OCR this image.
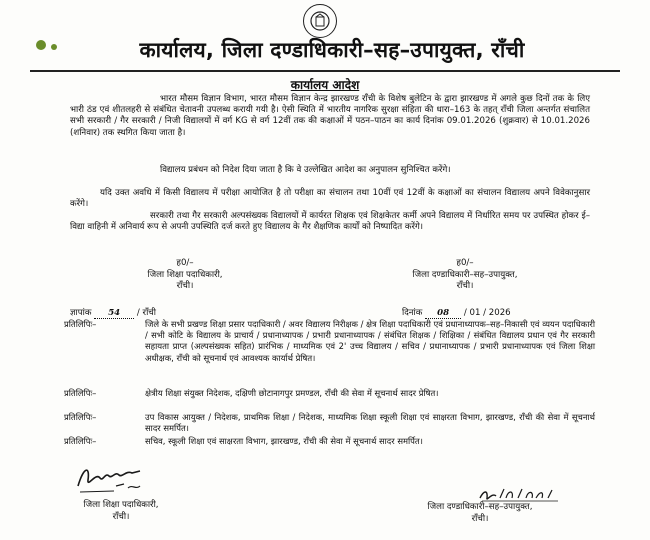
कार्यालय, जिला दण्डाधिकारी–सह–उपायुक्त, राँची
कार्यालय आदेश
भारत मौसम विज्ञान विभाग, भारत मौसम विज्ञान केन्द्र झारखण्ड राँची के विशेष बुलेटिन के द्वारा झारखण्ड में अगले कुछ दिनों तक के लिए भारी ठंड एवं शीतलहरी से संबंधित चेतावनी उपलब्ध करायी गयी है। ऐसी स्थिति में भारतीय नागरिक सुरक्षा संहिता की धारा–163 के तहत् राँची जिला अन्तर्गत संचालित सभी सरकारी / गैर सरकारी / निजी विद्यालयों में वर्ग KG से वर्ग 12वीं तक की कक्षाओं में पठन–पाठन का कार्य दिनांक 09.01.2026 (शुक्रवार) से 10.01.2026 (शनिवार) तक स्थगित किया जाता है।
विद्यालय प्रबंधन को निदेश दिया जाता है कि वे उल्लेखित आदेश का अनुपालन सुनिश्चित करेंगे।
यदि उक्त अवधि में किसी विद्यालय में परीक्षा आयोजित है तो परीक्षा का संचालन तथा 10वीं एवं 12वीं के कक्षाओं का संचालन विद्यालय अपने विवेकानुसार करेंगे।
सरकारी तथा गैर सरकारी अल्पसंख्यक विद्यालयों में कार्यरत शिक्षक एवं शिक्षकेतर कर्मी अपने विद्यालय में निर्धारित समय पर उपस्थित होकर ई–विद्या वाहिनी में अनिवार्य रूप से अपनी उपस्थिति दर्ज करते हुए विद्यालय के गैर शैक्षणिक कार्यों को निष्पादित करेंगे।
ह0/–
जिला शिक्षा पदाधिकारी,
राँची।
ह0/–
जिला दण्डाधिकारी–सह–उपायुक्त,
राँची।
ज्ञापांक 54 / राँची	दिनांक 08 / 01 / 2026
प्रतिलिपिः–	जिले के सभी प्रखण्ड शिक्षा प्रसार पदाधिकारी / अवर विद्यालय निरीक्षक / क्षेत्र शिक्षा पदाधिकारी एवं प्रधानाध्यापक–सह–निकासी एवं व्ययन पदाधिकारी / सभी कोटि के विद्यालय के प्राचार्य / प्रधानाध्यापक / प्रभारी प्रधानाध्यापक / संबंधित शिक्षक / शिक्षिका / संबंधित विद्यालय प्रधान एवं गैर सरकारी सहायता प्राप्त (अल्पसंख्यक सहित) प्रारंभिक / माध्यमिक एवं 2' उच्च विद्यालय / सचिव / प्रधानाध्यापक / प्रभारी प्रधानाध्यापक एवं जिला शिक्षा अधीक्षक, राँची को सूचनार्थ एवं आवश्यक कार्यार्थ प्रेषित।
प्रतिलिपिः–	क्षेत्रीय शिक्षा संयुक्त निदेशक, दक्षिणी छोटानागपुर प्रमण्डल, राँची की सेवा में सूचनार्थ सादर प्रेषित।
प्रतिलिपिः–	उप विकास आयुक्त / निदेशक, प्राथमिक शिक्षा / निदेशक, माध्यमिक शिक्षा स्कूली शिक्षा एवं साक्षरता विभाग, झारखण्ड, राँची की सेवा में सूचनार्थ सादर समर्पित।
प्रतिलिपिः–	सचिव, स्कूली शिक्षा एवं साक्षरता विभाग, झारखण्ड, राँची की सेवा में सूचनार्थ सादर समर्पित।
जिला शिक्षा पदाधिकारी,
राँची।
जिला दण्डाधिकारी–सह–उपायुक्त,
राँची।
